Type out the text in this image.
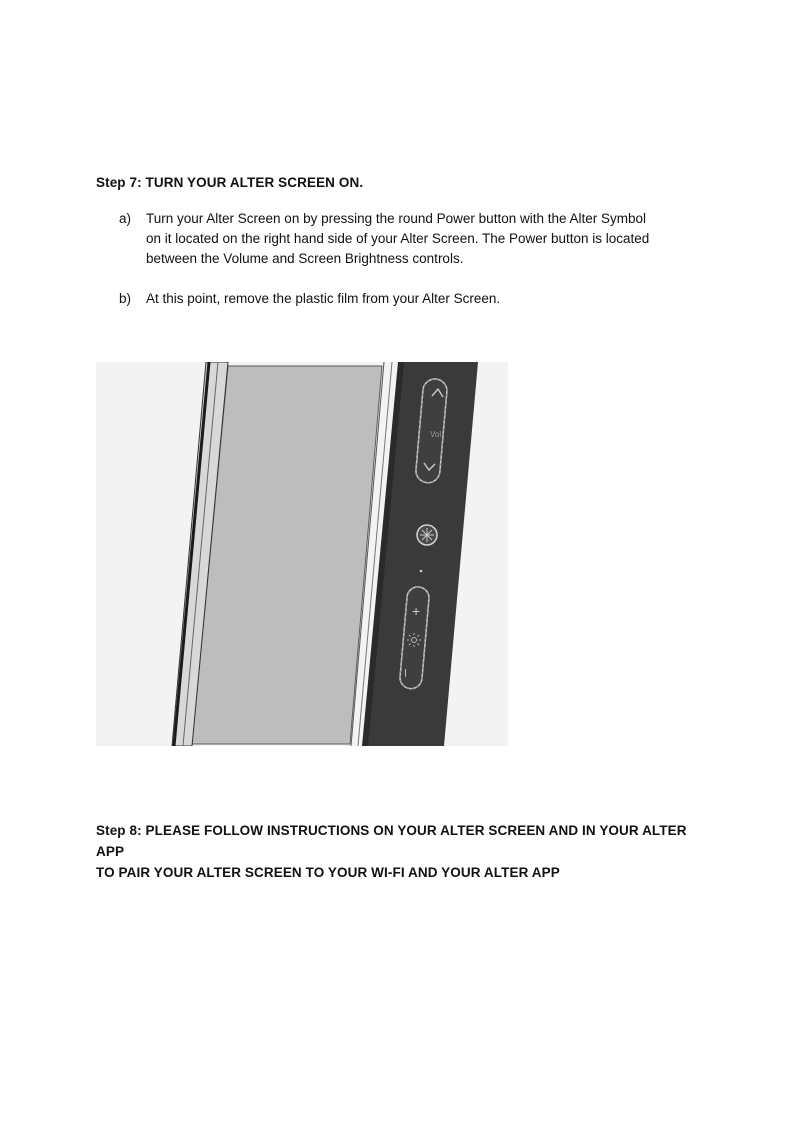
Step 7: TURN YOUR ALTER SCREEN ON.
a) Turn your Alter Screen on by pressing the round Power button with the Alter Symbol
on it located on the right hand side of your Alter Screen. The Power button is located
between the Volume and Screen Brightness controls.
b) At this point, remove the plastic film from your Alter Screen.
Vol
+
–
Step 8: PLEASE FOLLOW INSTRUCTIONS ON YOUR ALTER SCREEN AND IN YOUR ALTER APP
TO PAIR YOUR ALTER SCREEN TO YOUR WI-FI AND YOUR ALTER APP
